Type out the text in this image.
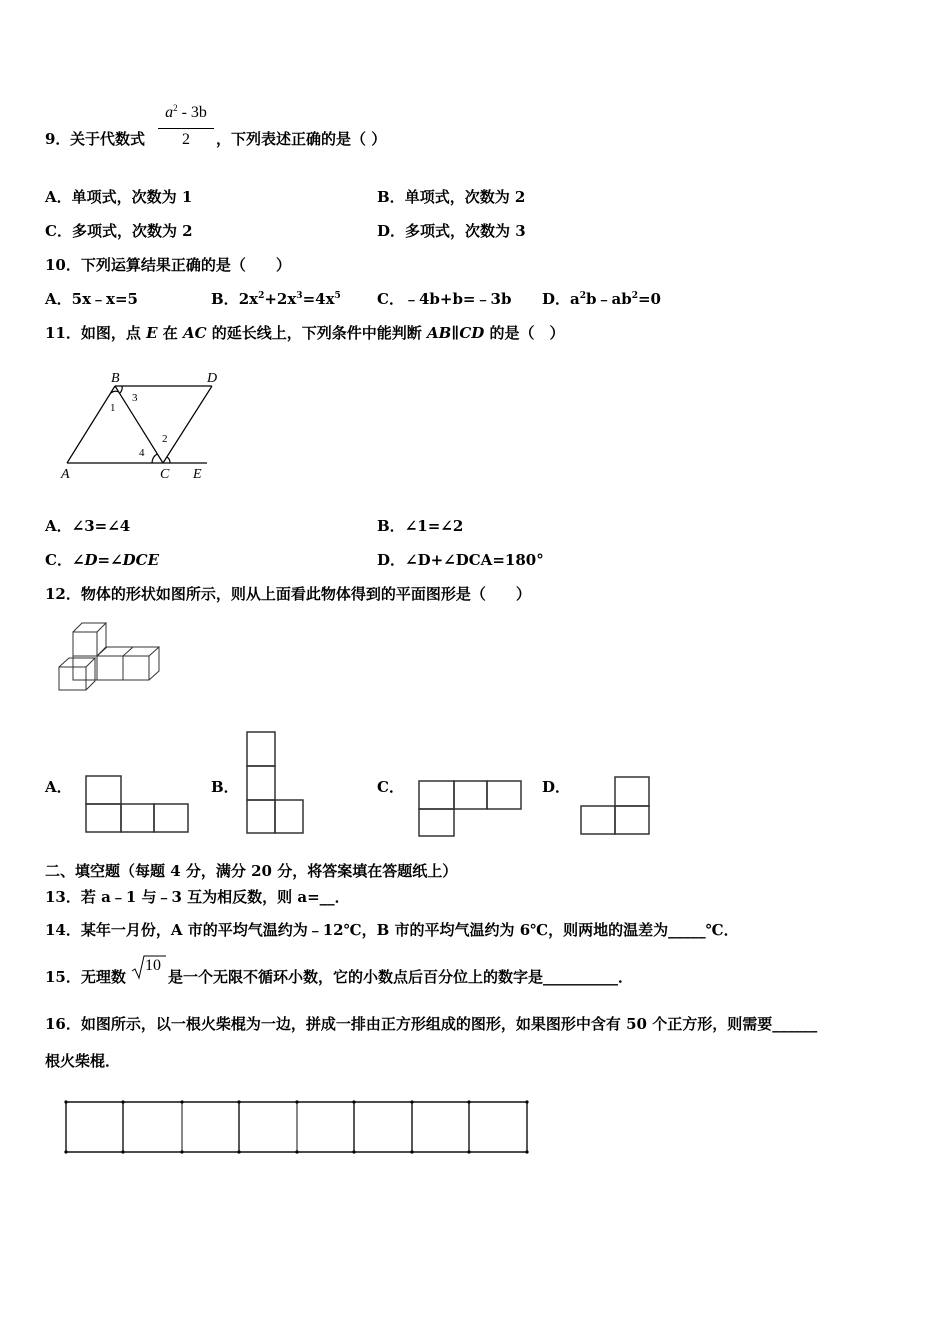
9． 关于代数式
$a^2 - 3b$
2	，下列表述正确的是（ ）
A．单项式，次数为 1	B．单项式，次数为 2
C．多项式，次数为 2	D．多项式，次数为 3
10．下列运算结果正确的是（　　）
A．5x﹣x=5	B．$2x^2+2x^3=4x^5$ C．﹣4b+b=﹣3b D．$a^2b﹣ab^2=0$
11．如图，点 E 在 AC 的延长线上，下列条件中能判断 AB∥CD 的是（　）
B	D
A	C E
1
3
2
4
A．∠3=∠4	B．∠1=∠2
C．∠D=∠DCE	D．∠D+∠DCA=180°
12．物体的形状如图所示，则从上面看此物体得到的平面图形是（　　）
A．	B．	C．	D．
二、填空题（每题 4 分，满分 20 分，将答案填在答题纸上）
13．若 a﹣1 与﹣3 互为相反数，则 a=__．
14．某年一月份，A 市的平均气温约为﹣12℃，B 市的平均气温约为 6℃，则两地的温差为_____℃．
15．无理数
10
是一个无限不循环小数，它的小数点后百分位上的数字是__________．
16．如图所示，以一根火柴棍为一边，拼成一排由正方形组成的图形，如果图形中含有 50 个正方形，则需要______
根火柴棍．
